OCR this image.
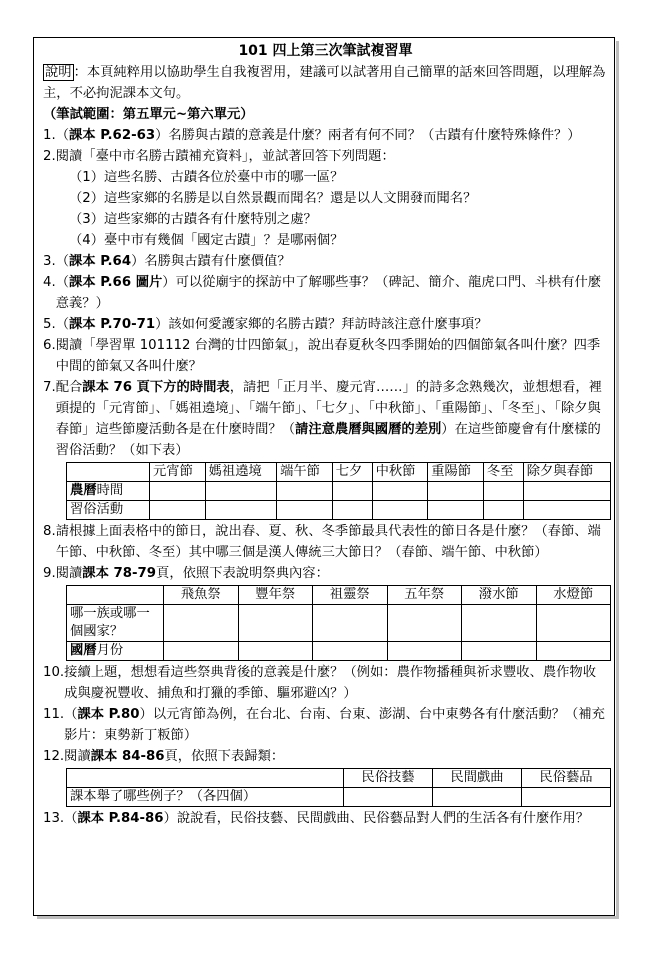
101 四上第三次筆試複習單
說明 ：本頁純粹用以協助學生自我複習用，建議可以試著用自己簡單的話來回答問題，以理解為主，不必拘泥課本文句。
（筆試範圍：第五單元~第六單元）
1. （課本 P.62-63）名勝與古蹟的意義是什麼？兩者有何不同？（古蹟有什麼特殊條件？）
2. 閱讀「臺中市名勝古蹟補充資料」，並試著回答下列問題：
（1）這些名勝、古蹟各位於臺中市的哪一區？
（2）這些家鄉的名勝是以自然景觀而聞名？還是以人文開發而聞名？
（3）這些家鄉的古蹟各有什麼特別之處？
（4）臺中市有幾個「國定古蹟」？是哪兩個？
3. （課本 P.64）名勝與古蹟有什麼價值？
4. （課本 P.66 圖片）可以從廟宇的探訪中了解哪些事？（碑記、簡介、龍虎口門、斗栱有什麼意義？）
5. （課本 P.70-71）該如何愛護家鄉的名勝古蹟？拜訪時該注意什麼事項？
6. 閱讀「學習單 101112 台灣的廿四節氣」，說出春夏秋冬四季開始的四個節氣各叫什麼？四季中間的節氣又各叫什麼？
7. 配合課本 76 頁下方的時間表，請把「正月半、慶元宵……」的詩多念熟幾次，並想想看，裡頭提的「元宵節」、「媽祖遶境」、「端午節」、「七夕」、「中秋節」、「重陽節」、「冬至」、「除夕與春節」這些節慶活動各是在什麼時間？（請注意農曆與國曆的差別）在這些節慶會有什麼樣的習俗活動？（如下表）
	元宵節	媽祖遶境	端午節	七夕	中秋節	重陽節	冬至	除夕與春節
農曆時間								
習俗活動								
8. 請根據上面表格中的節日，說出春、夏、秋、冬季節最具代表性的節日各是什麼？（春節、端午節、中秋節、冬至）其中哪三個是漢人傳統三大節日？（春節、端午節、中秋節）
9. 閱讀課本 78-79頁，依照下表說明祭典內容：
	飛魚祭	豐年祭	祖靈祭	五年祭	潑水節	水燈節
哪一族或哪一個國家？						
國曆月份						
10. 接續上題，想想看這些祭典背後的意義是什麼？（例如：農作物播種與祈求豐收、農作物收成與慶祝豐收、捕魚和打獵的季節、驅邪避凶？）
11. （課本 P.80）以元宵節為例，在台北、台南、台東、澎湖、台中東勢各有什麼活動？（補充影片：東勢新丁粄節）
12. 閱讀課本 84-86頁，依照下表歸類：
	民俗技藝	民間戲曲	民俗藝品
課本舉了哪些例子？（各四個）			
13. （課本 P.84-86）說說看，民俗技藝、民間戲曲、民俗藝品對人們的生活各有什麼作用？
